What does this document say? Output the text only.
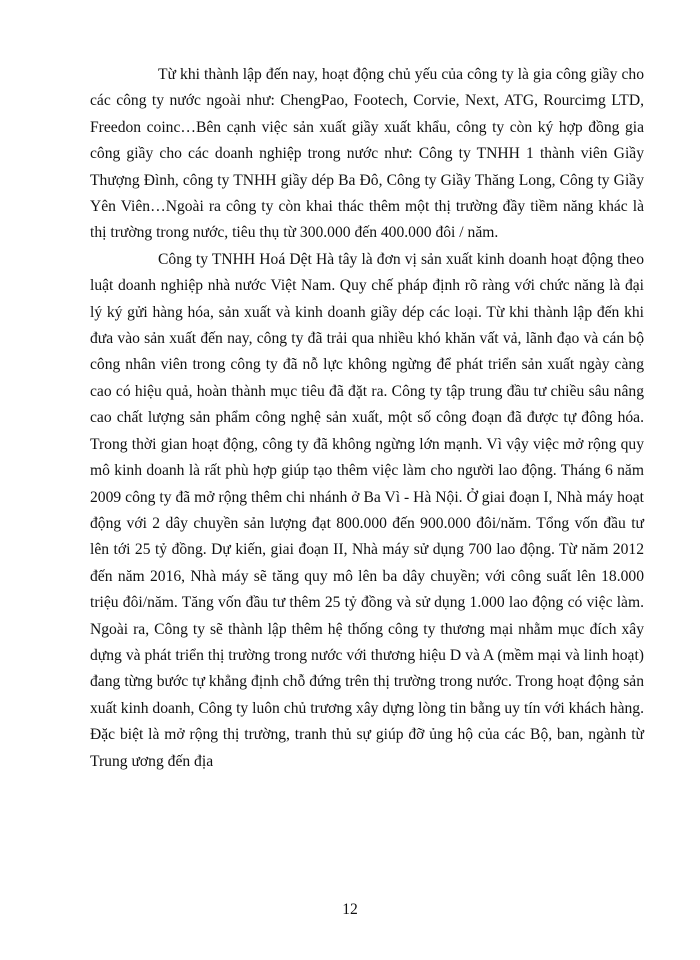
Từ khi thành lập đến nay, hoạt động chủ yếu của công ty là gia công giầy cho các công ty nước ngoài như: ChengPao, Footech, Corvie, Next, ATG, Rourcimg LTD, Freedon coinc…Bên cạnh việc sản xuất giầy xuất khẩu, công ty còn ký hợp đồng gia công giầy cho các doanh nghiệp trong nước như: Công ty TNHH 1 thành viên Giầy Thượng Đình, công ty TNHH giầy dép Ba Đô, Công ty Giầy Thăng Long, Công ty Giầy Yên Viên…Ngoài ra công ty còn khai thác thêm một thị trường đầy tiềm năng khác là thị trường trong nước, tiêu thụ từ 300.000 đến 400.000 đôi / năm.

Công ty TNHH Hoá Dệt Hà tây là đơn vị sản xuất kinh doanh hoạt động theo luật doanh nghiệp nhà nước Việt Nam. Quy chế pháp định rõ ràng với chức năng là đại lý ký gửi hàng hóa, sản xuất và kinh doanh giầy dép các loại. Từ khi thành lập đến khi đưa vào sản xuất đến nay, công ty đã trải qua nhiều khó khăn vất vả, lãnh đạo và cán bộ công nhân viên trong công ty đã nỗ lực không ngừng để phát triển sản xuất ngày càng cao có hiệu quả, hoàn thành mục tiêu đã đặt ra. Công ty tập trung đầu tư chiều sâu nâng cao chất lượng sản phẩm công nghệ sản xuất, một số công đoạn đã được tự đông hóa. Trong thời gian hoạt động, công ty đã không ngừng lớn mạnh. Vì vậy việc mở rộng quy mô kinh doanh là rất phù hợp giúp tạo thêm việc làm cho người lao động. Tháng 6 năm 2009 công ty đã mở rộng thêm chi nhánh ở Ba Vì - Hà Nội. Ở giai đoạn I, Nhà máy hoạt động với 2 dây chuyền sản lượng đạt 800.000 đến 900.000 đôi/năm. Tổng vốn đầu tư lên tới 25 tỷ đồng. Dự kiến, giai đoạn II, Nhà máy sử dụng 700 lao động. Từ năm 2012 đến năm 2016, Nhà máy sẽ tăng quy mô lên ba dây chuyền; với công suất lên 18.000 triệu đôi/năm. Tăng vốn đầu tư thêm 25 tỷ đồng và sử dụng 1.000 lao động có việc làm. Ngoài ra, Công ty sẽ thành lập thêm hệ thống công ty thương mại nhằm mục đích xây dựng và phát triển thị trường trong nước với thương hiệu D và A (mềm mại và linh hoạt) đang từng bước tự khẳng định chỗ đứng trên thị trường trong nước. Trong hoạt động sản xuất kinh doanh, Công ty luôn chủ trương xây dựng lòng tin bằng uy tín với khách hàng. Đặc biệt là mở rộng thị trường, tranh thủ sự giúp đỡ ủng hộ của các Bộ, ban, ngành từ Trung ương đến địa

12
